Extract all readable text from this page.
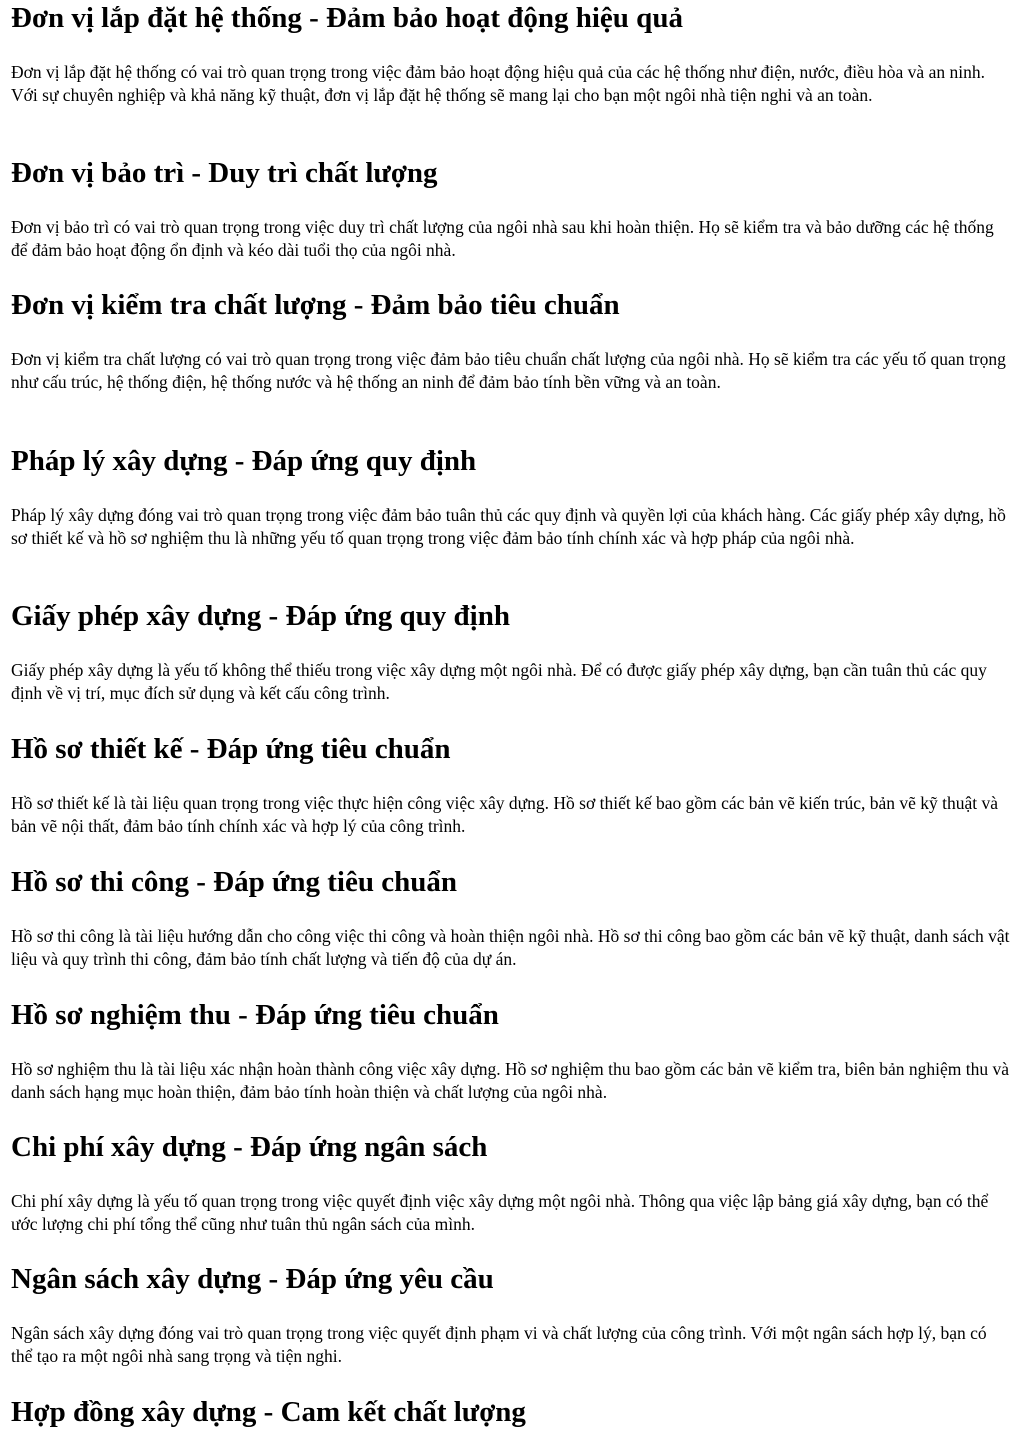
Đơn vị lắp đặt hệ thống - Đảm bảo hoạt động hiệu quả

Đơn vị lắp đặt hệ thống có vai trò quan trọng trong việc đảm bảo hoạt động hiệu quả của các hệ thống như điện, nước, điều hòa và an ninh. Với sự chuyên nghiệp và khả năng kỹ thuật, đơn vị lắp đặt hệ thống sẽ mang lại cho bạn một ngôi nhà tiện nghi và an toàn.

Đơn vị bảo trì - Duy trì chất lượng

Đơn vị bảo trì có vai trò quan trọng trong việc duy trì chất lượng của ngôi nhà sau khi hoàn thiện. Họ sẽ kiểm tra và bảo dưỡng các hệ thống để đảm bảo hoạt động ổn định và kéo dài tuổi thọ của ngôi nhà.

Đơn vị kiểm tra chất lượng - Đảm bảo tiêu chuẩn

Đơn vị kiểm tra chất lượng có vai trò quan trọng trong việc đảm bảo tiêu chuẩn chất lượng của ngôi nhà. Họ sẽ kiểm tra các yếu tố quan trọng như cấu trúc, hệ thống điện, hệ thống nước và hệ thống an ninh để đảm bảo tính bền vững và an toàn.

Pháp lý xây dựng - Đáp ứng quy định

Pháp lý xây dựng đóng vai trò quan trọng trong việc đảm bảo tuân thủ các quy định và quyền lợi của khách hàng. Các giấy phép xây dựng, hồ sơ thiết kế và hồ sơ nghiệm thu là những yếu tố quan trọng trong việc đảm bảo tính chính xác và hợp pháp của ngôi nhà.

Giấy phép xây dựng - Đáp ứng quy định

Giấy phép xây dựng là yếu tố không thể thiếu trong việc xây dựng một ngôi nhà. Để có được giấy phép xây dựng, bạn cần tuân thủ các quy định về vị trí, mục đích sử dụng và kết cấu công trình.

Hồ sơ thiết kế - Đáp ứng tiêu chuẩn

Hồ sơ thiết kế là tài liệu quan trọng trong việc thực hiện công việc xây dựng. Hồ sơ thiết kế bao gồm các bản vẽ kiến trúc, bản vẽ kỹ thuật và bản vẽ nội thất, đảm bảo tính chính xác và hợp lý của công trình.

Hồ sơ thi công - Đáp ứng tiêu chuẩn

Hồ sơ thi công là tài liệu hướng dẫn cho công việc thi công và hoàn thiện ngôi nhà. Hồ sơ thi công bao gồm các bản vẽ kỹ thuật, danh sách vật liệu và quy trình thi công, đảm bảo tính chất lượng và tiến độ của dự án.

Hồ sơ nghiệm thu - Đáp ứng tiêu chuẩn

Hồ sơ nghiệm thu là tài liệu xác nhận hoàn thành công việc xây dựng. Hồ sơ nghiệm thu bao gồm các bản vẽ kiểm tra, biên bản nghiệm thu và danh sách hạng mục hoàn thiện, đảm bảo tính hoàn thiện và chất lượng của ngôi nhà.

Chi phí xây dựng - Đáp ứng ngân sách

Chi phí xây dựng là yếu tố quan trọng trong việc quyết định việc xây dựng một ngôi nhà. Thông qua việc lập bảng giá xây dựng, bạn có thể ước lượng chi phí tổng thể cũng như tuân thủ ngân sách của mình.

Ngân sách xây dựng - Đáp ứng yêu cầu

Ngân sách xây dựng đóng vai trò quan trọng trong việc quyết định phạm vi và chất lượng của công trình. Với một ngân sách hợp lý, bạn có thể tạo ra một ngôi nhà sang trọng và tiện nghi.

Hợp đồng xây dựng - Cam kết chất lượng
